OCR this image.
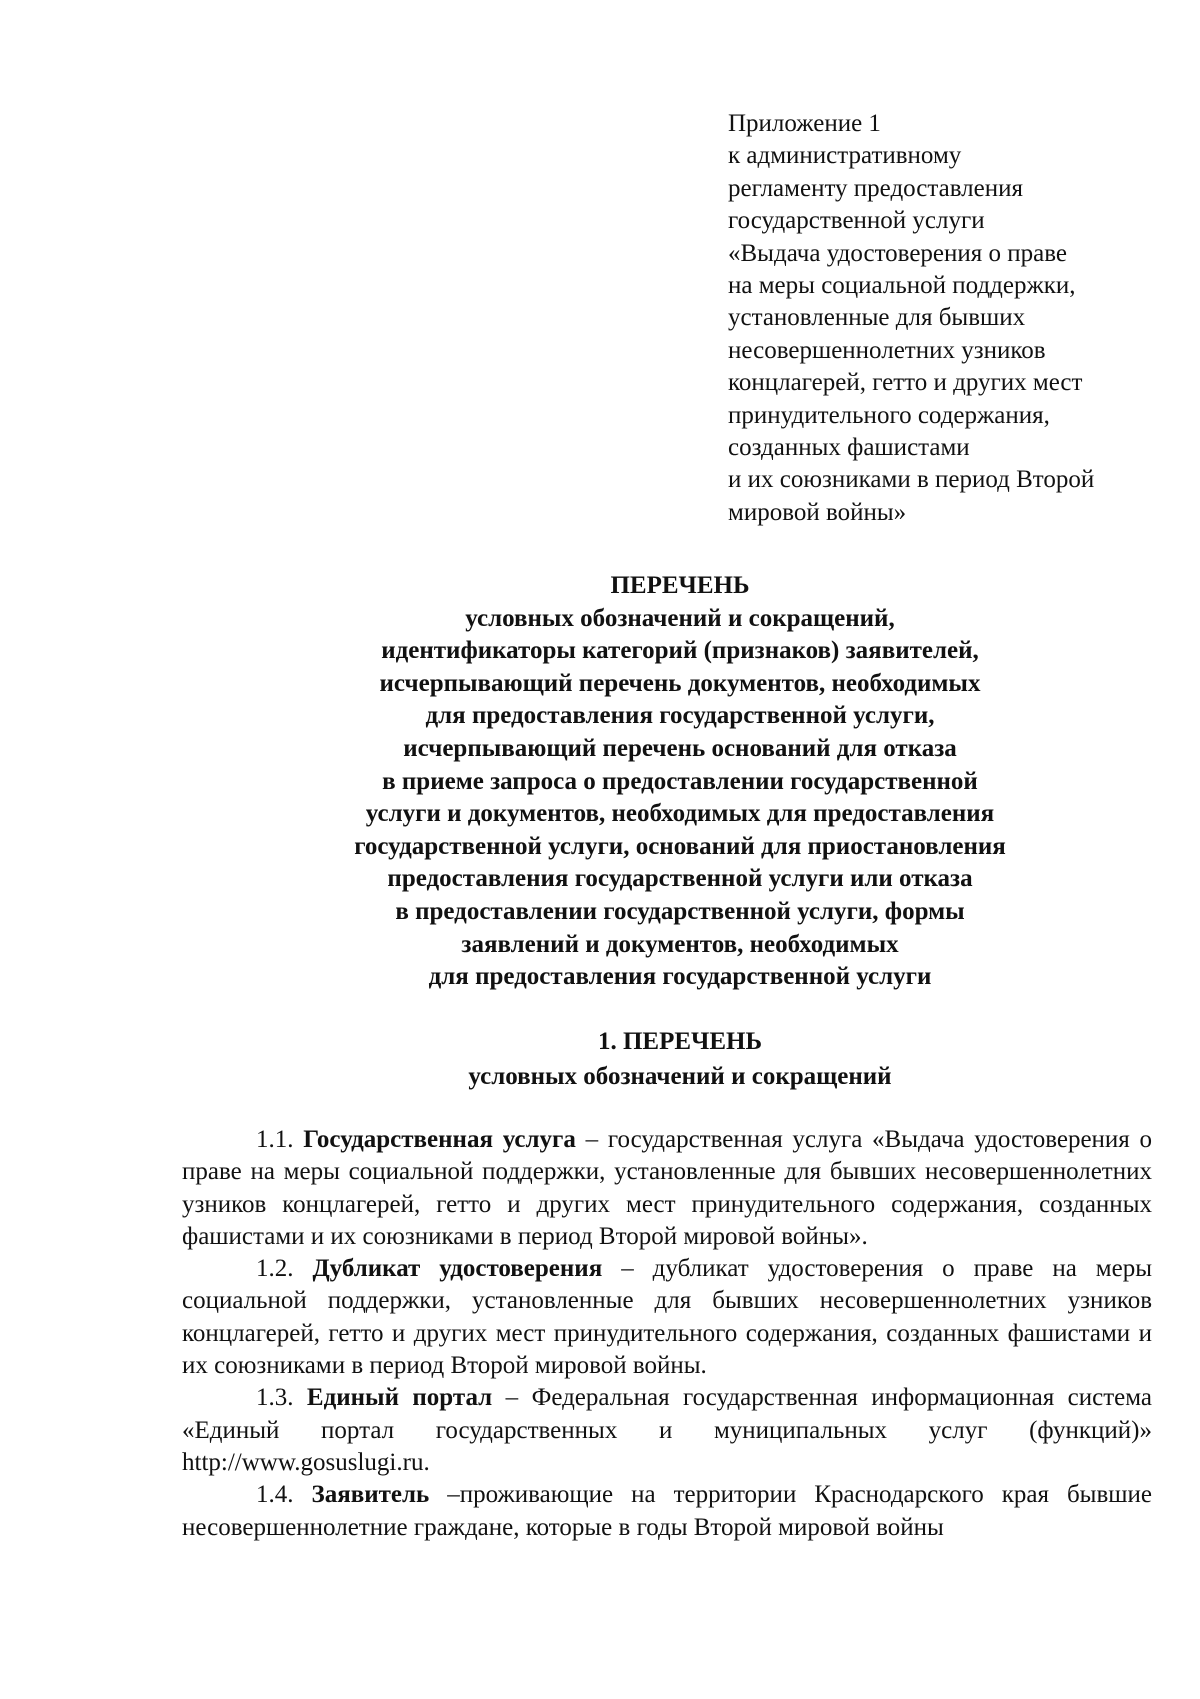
Приложение 1
к административному
регламенту предоставления
государственной услуги
«Выдача удостоверения о праве
на меры социальной поддержки,
установленные для бывших
несовершеннолетних узников
концлагерей, гетто и других мест
принудительного содержания,
созданных фашистами
и их союзниками в период Второй
мировой войны»
ПЕРЕЧЕНЬ
условных обозначений и сокращений,
идентификаторы категорий (признаков) заявителей,
исчерпывающий перечень документов, необходимых
для предоставления государственной услуги,
исчерпывающий перечень оснований для отказа
в приеме запроса о предоставлении государственной
услуги и документов, необходимых для предоставления
государственной услуги, оснований для приостановления
предоставления государственной услуги или отказа
в предоставлении государственной услуги, формы
заявлений и документов, необходимых
для предоставления государственной услуги
1. ПЕРЕЧЕНЬ
условных обозначений и сокращений

1.1. Государственная услуга – государственная услуга «Выдача удостоверения о праве на меры социальной поддержки, установленные для бывших несовершеннолетних узников концлагерей, гетто и других мест принудительного содержания, созданных фашистами и их союзниками в период Второй мировой войны».

1.2. Дубликат удостоверения – дубликат удостоверения о праве на меры социальной поддержки, установленные для бывших несовершеннолетних узников концлагерей, гетто и других мест принудительного содержания, созданных фашистами и их союзниками в период Второй мировой войны.

1.3. Единый портал – Федеральная государственная информационная система «Единый портал государственных и муниципальных услуг (функций)» http://www.gosuslugi.ru.

1.4. Заявитель –проживающие на территории Краснодарского края бывшие несовершеннолетние граждане, которые в годы Второй мировой войны
